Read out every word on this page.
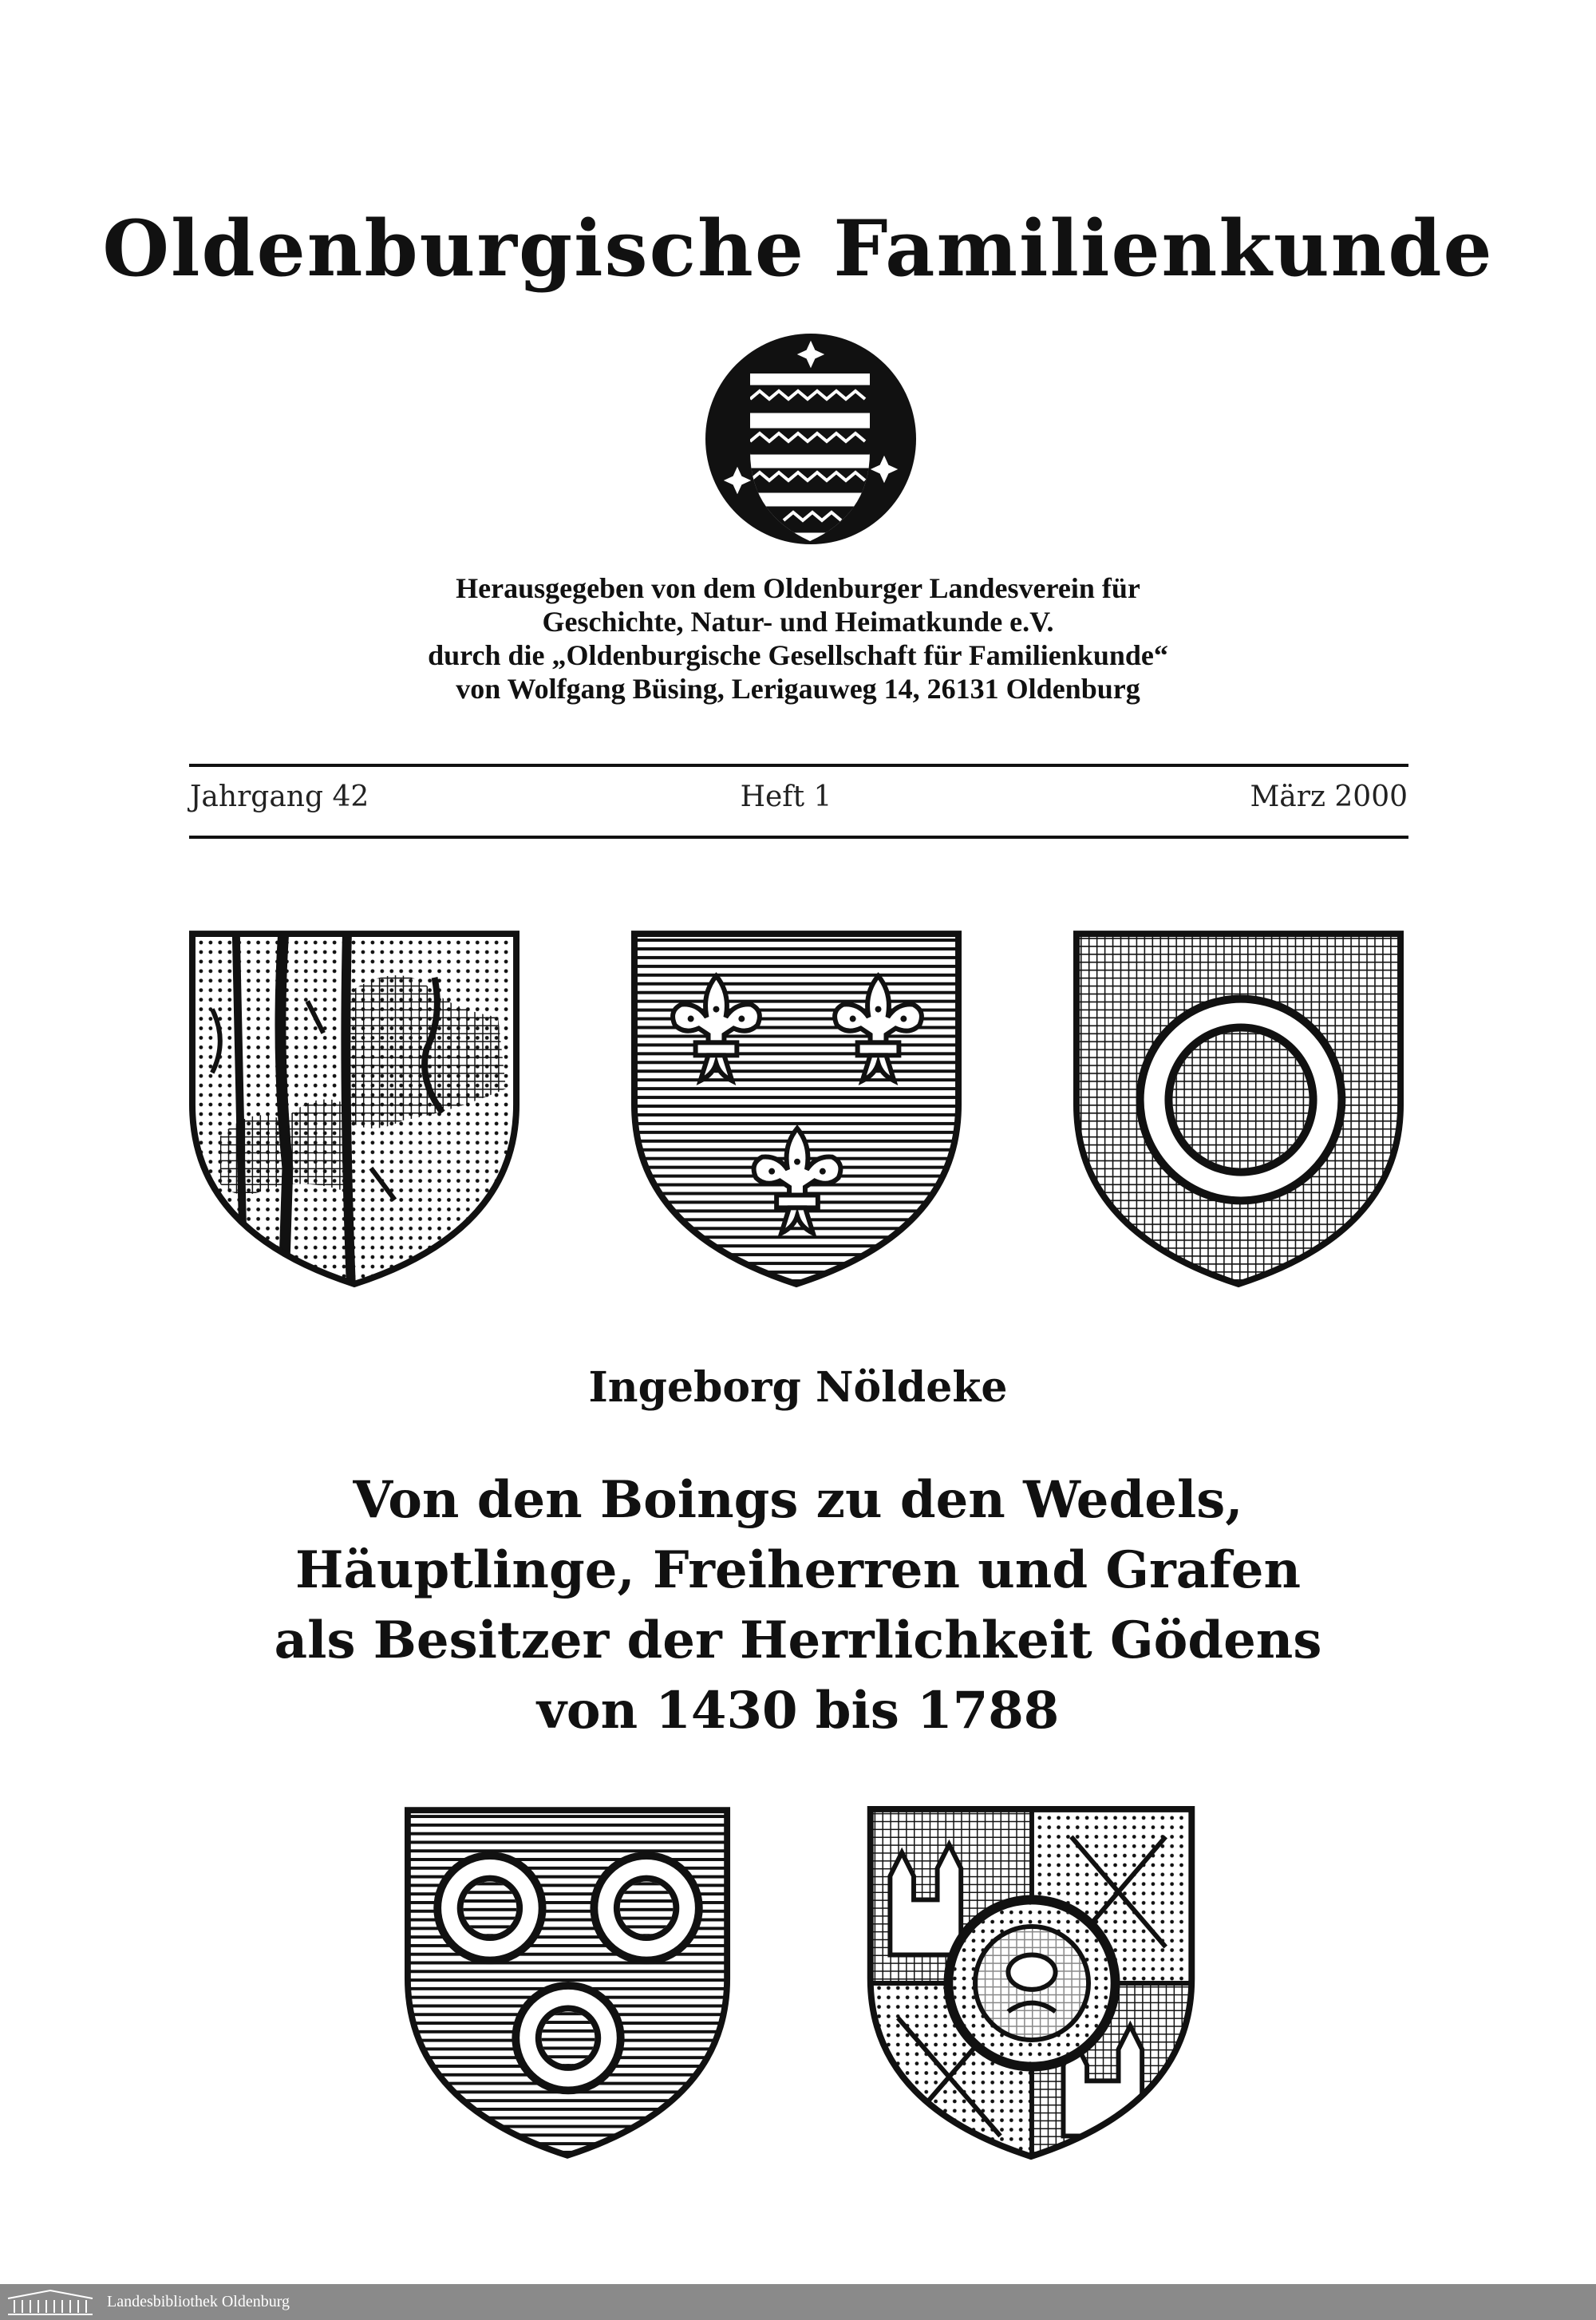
Oldenburgische Familienkunde
Herausgegeben von dem Oldenburger Landesverein für
Geschichte, Natur- und Heimatkunde e.V.
durch die „Oldenburgische Gesellschaft für Familienkunde“
von Wolfgang Büsing, Lerigauweg 14, 26131 Oldenburg
Jahrgang 42	Heft 1	März 2000
Ingeborg Nöldeke
Von den Boings zu den Wedels,
Häuptlinge, Freiherren und Grafen
als Besitzer der Herrlichkeit Gödens
von 1430 bis 1788
Landesbibliothek Oldenburg
